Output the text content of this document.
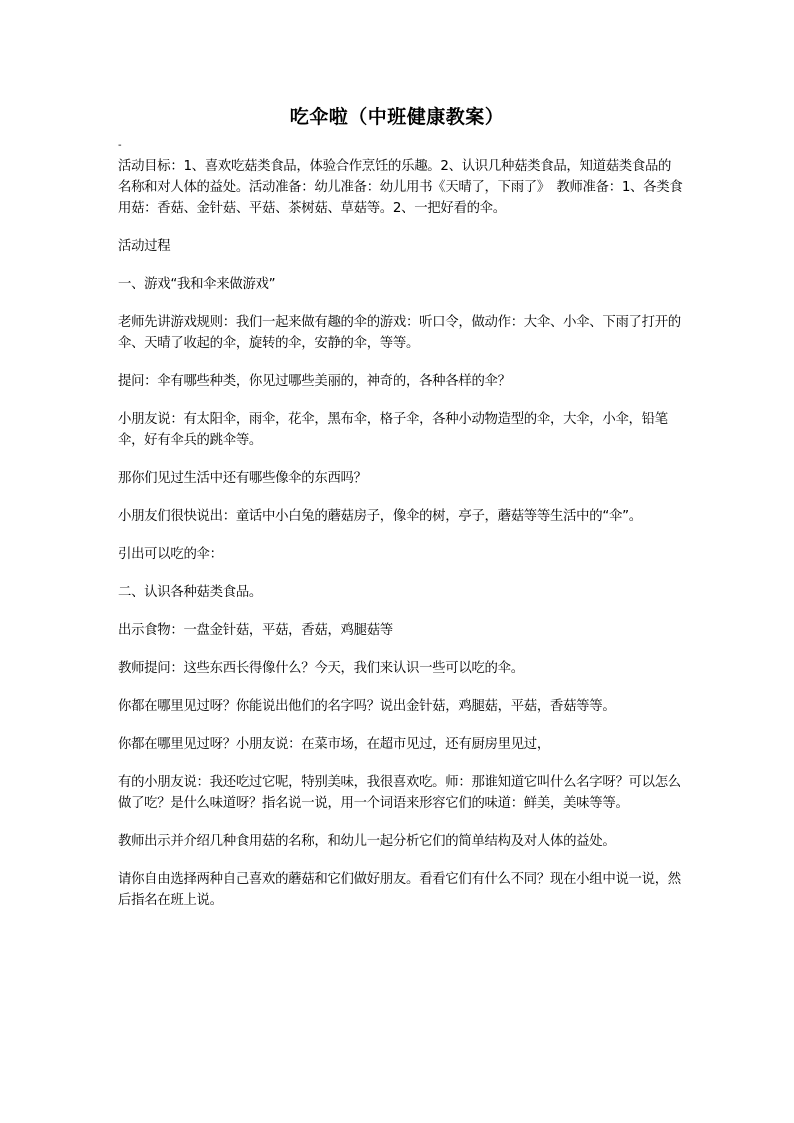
吃伞啦（中班健康教案）
-

活动目标：1、喜欢吃菇类食品，体验合作烹饪的乐趣。2、认识几种菇类食品，知道菇类食品的名称和对人体的益处。活动准备：幼儿准备：幼儿用书《天晴了，下雨了》　教师准备：1、各类食用菇：香菇、金针菇、平菇、茶树菇、草菇等。2、一把好看的伞。

活动过程

一、游戏“我和伞来做游戏”

老师先讲游戏规则：我们一起来做有趣的伞的游戏：听口令，做动作：大伞、小伞、下雨了打开的伞、天晴了收起的伞，旋转的伞，安静的伞，等等。

提问：伞有哪些种类，你见过哪些美丽的，神奇的，各种各样的伞？

小朋友说：有太阳伞，雨伞，花伞，黑布伞，格子伞，各种小动物造型的伞，大伞，小伞，铅笔伞，好有伞兵的跳伞等。

那你们见过生活中还有哪些像伞的东西吗？

小朋友们很快说出：童话中小白兔的蘑菇房子，像伞的树，亭子，蘑菇等等生活中的“伞”。

引出可以吃的伞：

二、认识各种菇类食品。

出示食物：一盘金针菇，平菇，香菇，鸡腿菇等

教师提问：这些东西长得像什么？今天，我们来认识一些可以吃的伞。

你都在哪里见过呀？你能说出他们的名字吗？说出金针菇，鸡腿菇，平菇，香菇等等。

你都在哪里见过呀？小朋友说：在菜市场，在超市见过，还有厨房里见过，

有的小朋友说：我还吃过它呢，特别美味，我很喜欢吃。师：那谁知道它叫什么名字呀？可以怎么做了吃？是什么味道呀？指名说一说，用一个词语来形容它们的味道：鲜美，美味等等。

教师出示并介绍几种食用菇的名称，和幼儿一起分析它们的简单结构及对人体的益处。

请你自由选择两种自己喜欢的蘑菇和它们做好朋友。看看它们有什么不同？现在小组中说一说，然后指名在班上说。
